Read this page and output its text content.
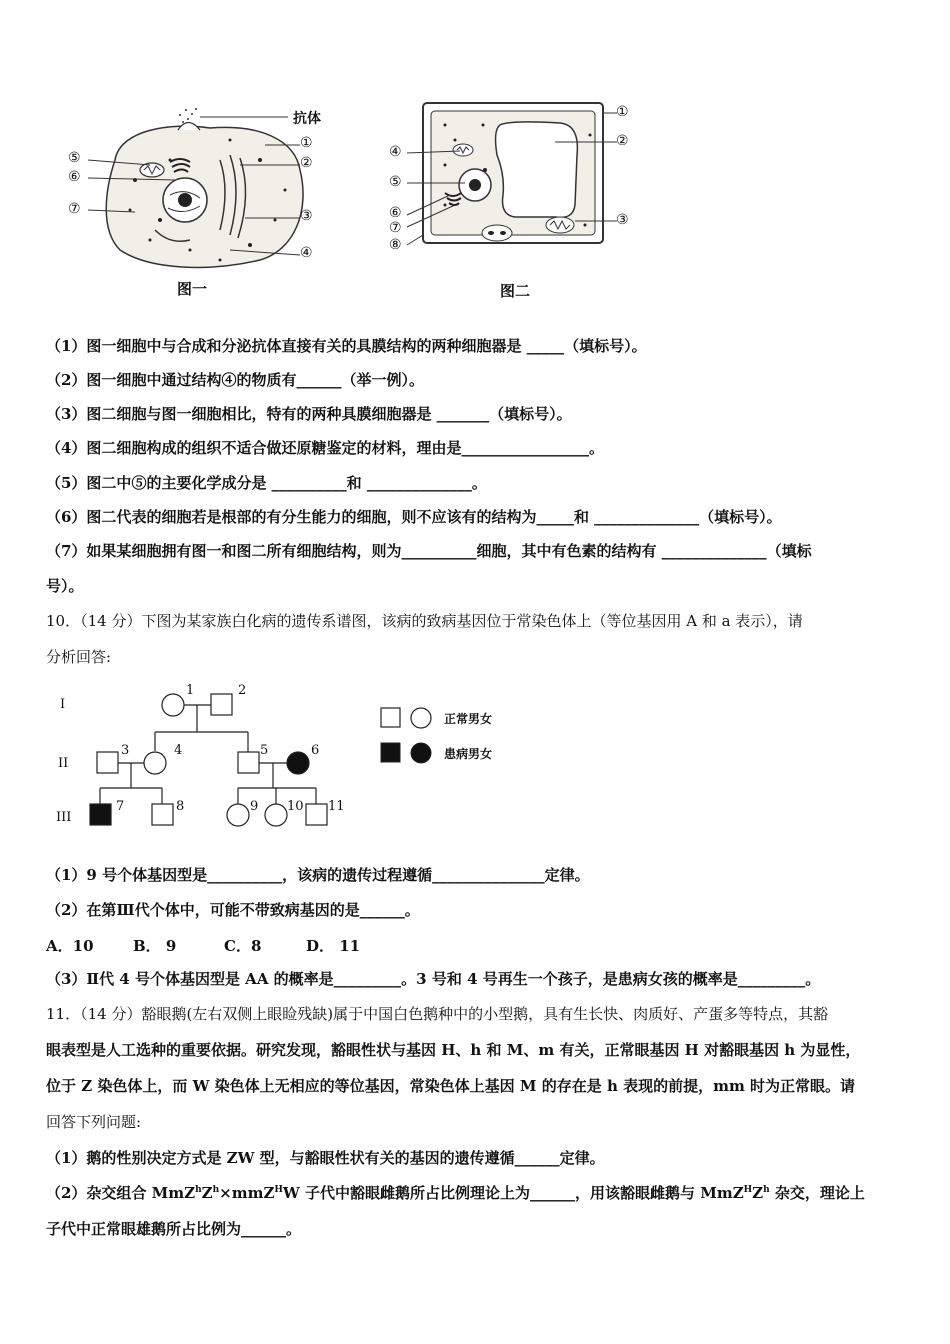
抗体
①
②
③
④
⑤
⑥
⑦
图一
①
②
③
④
⑤
⑥
⑦
⑧
图二
（1）图一细胞中与合成和分泌抗体直接有关的具膜结构的两种细胞器是 _____（填标号）。
（2）图一细胞中通过结构④的物质有______（举一例）。
（3）图二细胞与图一细胞相比，特有的两种具膜细胞器是 _______（填标号）。
（4）图二细胞构成的组织不适合做还原糖鉴定的材料，理由是_________________。
（5）图二中⑤的主要化学成分是 __________和 ______________。
（6）图二代表的细胞若是根部的有分生能力的细胞，则不应该有的结构为_____和 ______________（填标号）。
（7）如果某细胞拥有图一和图二所有细胞结构，则为__________细胞，其中有色素的结构有 ______________（填标
号）。
10．（14 分）下图为某家族白化病的遗传系谱图，该病的致病基因位于常染色体上（等位基因用 A 和 a 表示），请
分析回答:
I
II
III
1	2
3	4	5	6
7	8	9 10 11
正常男女
患病男女
（1）9 号个体基因型是__________，该病的遗传过程遵循_______________定律。
（2）在第Ⅲ代个体中，可能不带致病基因的是______。
A．10	B． 9	C．8	D． 11
（3）Ⅱ代 4 号个体基因型是 AA 的概率是_________。3 号和 4 号再生一个孩子，是患病女孩的概率是_________。
11．（14 分）豁眼鹅(左右双侧上眼睑残缺)属于中国白色鹅种中的小型鹅，具有生长快、肉质好、产蛋多等特点，其豁
眼表型是人工选种的重要依据。研究发现，豁眼性状与基因 H、h 和 M、m 有关，正常眼基因 H 对豁眼基因 h 为显性，
位于 Z 染色体上，而 W 染色体上无相应的等位基因，常染色体上基因 M 的存在是 h 表现的前提，mm 时为正常眼。请
回答下列问题:
（1）鹅的性别决定方式是 ZW 型，与豁眼性状有关的基因的遗传遵循______定律。
（2）杂交组合 $MmZ^hZ^h\times mmZ^HW$ 子代中豁眼雌鹅所占比例理论上为______，用该豁眼雌鹅与 $MmZ^HZ^h$ 杂交，理论上
子代中正常眼雄鹅所占比例为______。
